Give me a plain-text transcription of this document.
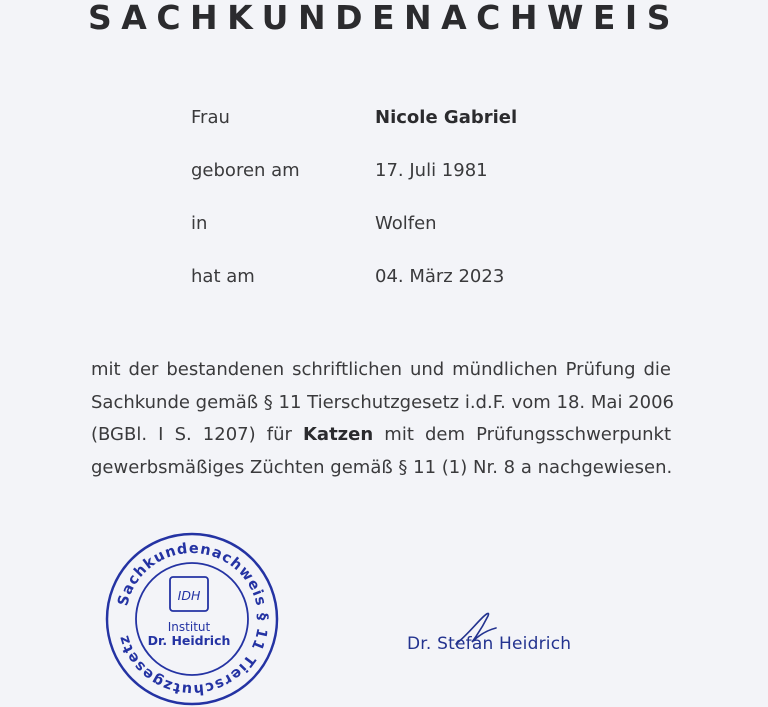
SACHKUNDENACHWEIS
Frau	Nicole Gabriel
geboren am	17. Juli 1981
in	Wolfen
hat am	04. März 2023
mit der bestandenen schriftlichen und mündlichen Prüfung die
Sachkunde gemäß § 11 Tierschutzgesetz i.d.F. vom 18. Mai 2006
(BGBl. I S. 1207) für Katzen mit dem Prüfungsschwerpunkt
gewerbsmäßiges Züchten gemäß § 11 (1) Nr. 8 a nachgewiesen.
Sachkundenachweis § 11 Tierschutzgesetz
IDH
Institut
Dr. Heidrich	Dr. Stefan Heidrich
